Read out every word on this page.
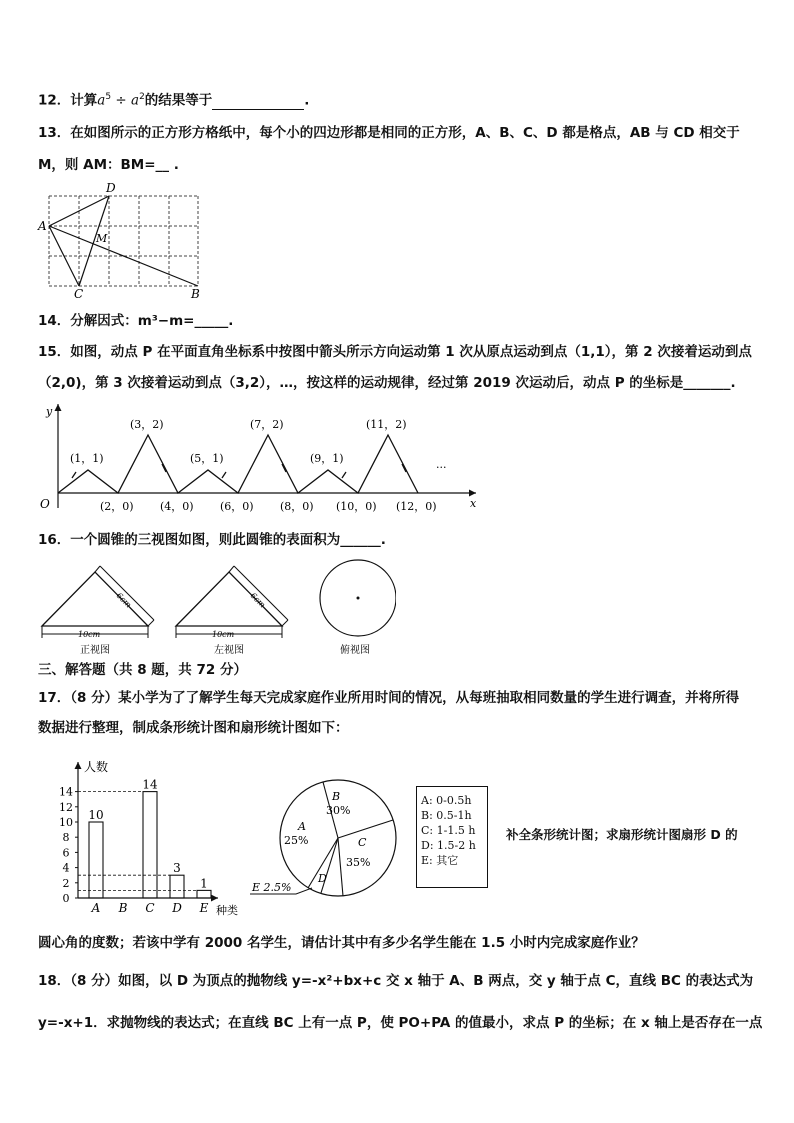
12．计算$a^5 \div a^2$的结果等于	.
13．在如图所示的正方形方格纸中，每个小的四边形都是相同的正方形，A、B、C、D 都是格点，AB 与 CD 相交于
M，则 AM：BM=__ .
A
D
M
C	B
14．分解因式：m³−m=_____.
15．如图，动点 P 在平面直角坐标系中按图中箭头所示方向运动第 1 次从原点运动到点（1,1），第 2 次接着运动到点
（2,0)，第 3 次接着运动到点（3,2），…，按这样的运动规律，经过第 2019 次运动后，动点 P 的坐标是_______.
y
x
O
(1，1)
(3，2)
(5，1)
(7，2)
(9，1)
(11，2)
(2，0) (4，0) (6，0) (8，0) (10，0) (12，0)
···
16．一个圆锥的三视图如图，则此圆锥的表面积为______.
6cm
10cm
正视图
6cm
10cm
左视图	俯视图
三、解答题（共 8 题，共 72 分）
17．（8 分）某小学为了了解学生每天完成家庭作业所用时间的情况，从每班抽取相同数量的学生进行调查，并将所得
数据进行整理，制成条形统计图和扇形统计图如下：
0
2
4
6
8
10
12
14
10
14
3
1
A B C D E
人数
种类
B
30%
A
25%	C
35%
D
E 2.5%
A: 0-0.5h
B: 0.5-1h
C: 1-1.5 h
D: 1.5-2 h
E: 其它
补全条形统计图；求扇形统计图扇形 D 的
圆心角的度数；若该中学有 2000 名学生，请估计其中有多少名学生能在 1.5 小时内完成家庭作业？
18．（8 分）如图，以 D 为顶点的抛物线 y=-x²+bx+c 交 x 轴于 A、B 两点，交 y 轴于点 C，直线 BC 的表达式为
y=-x+1．求抛物线的表达式；在直线 BC 上有一点 P，使 PO+PA 的值最小，求点 P 的坐标；在 x 轴上是否存在一点
